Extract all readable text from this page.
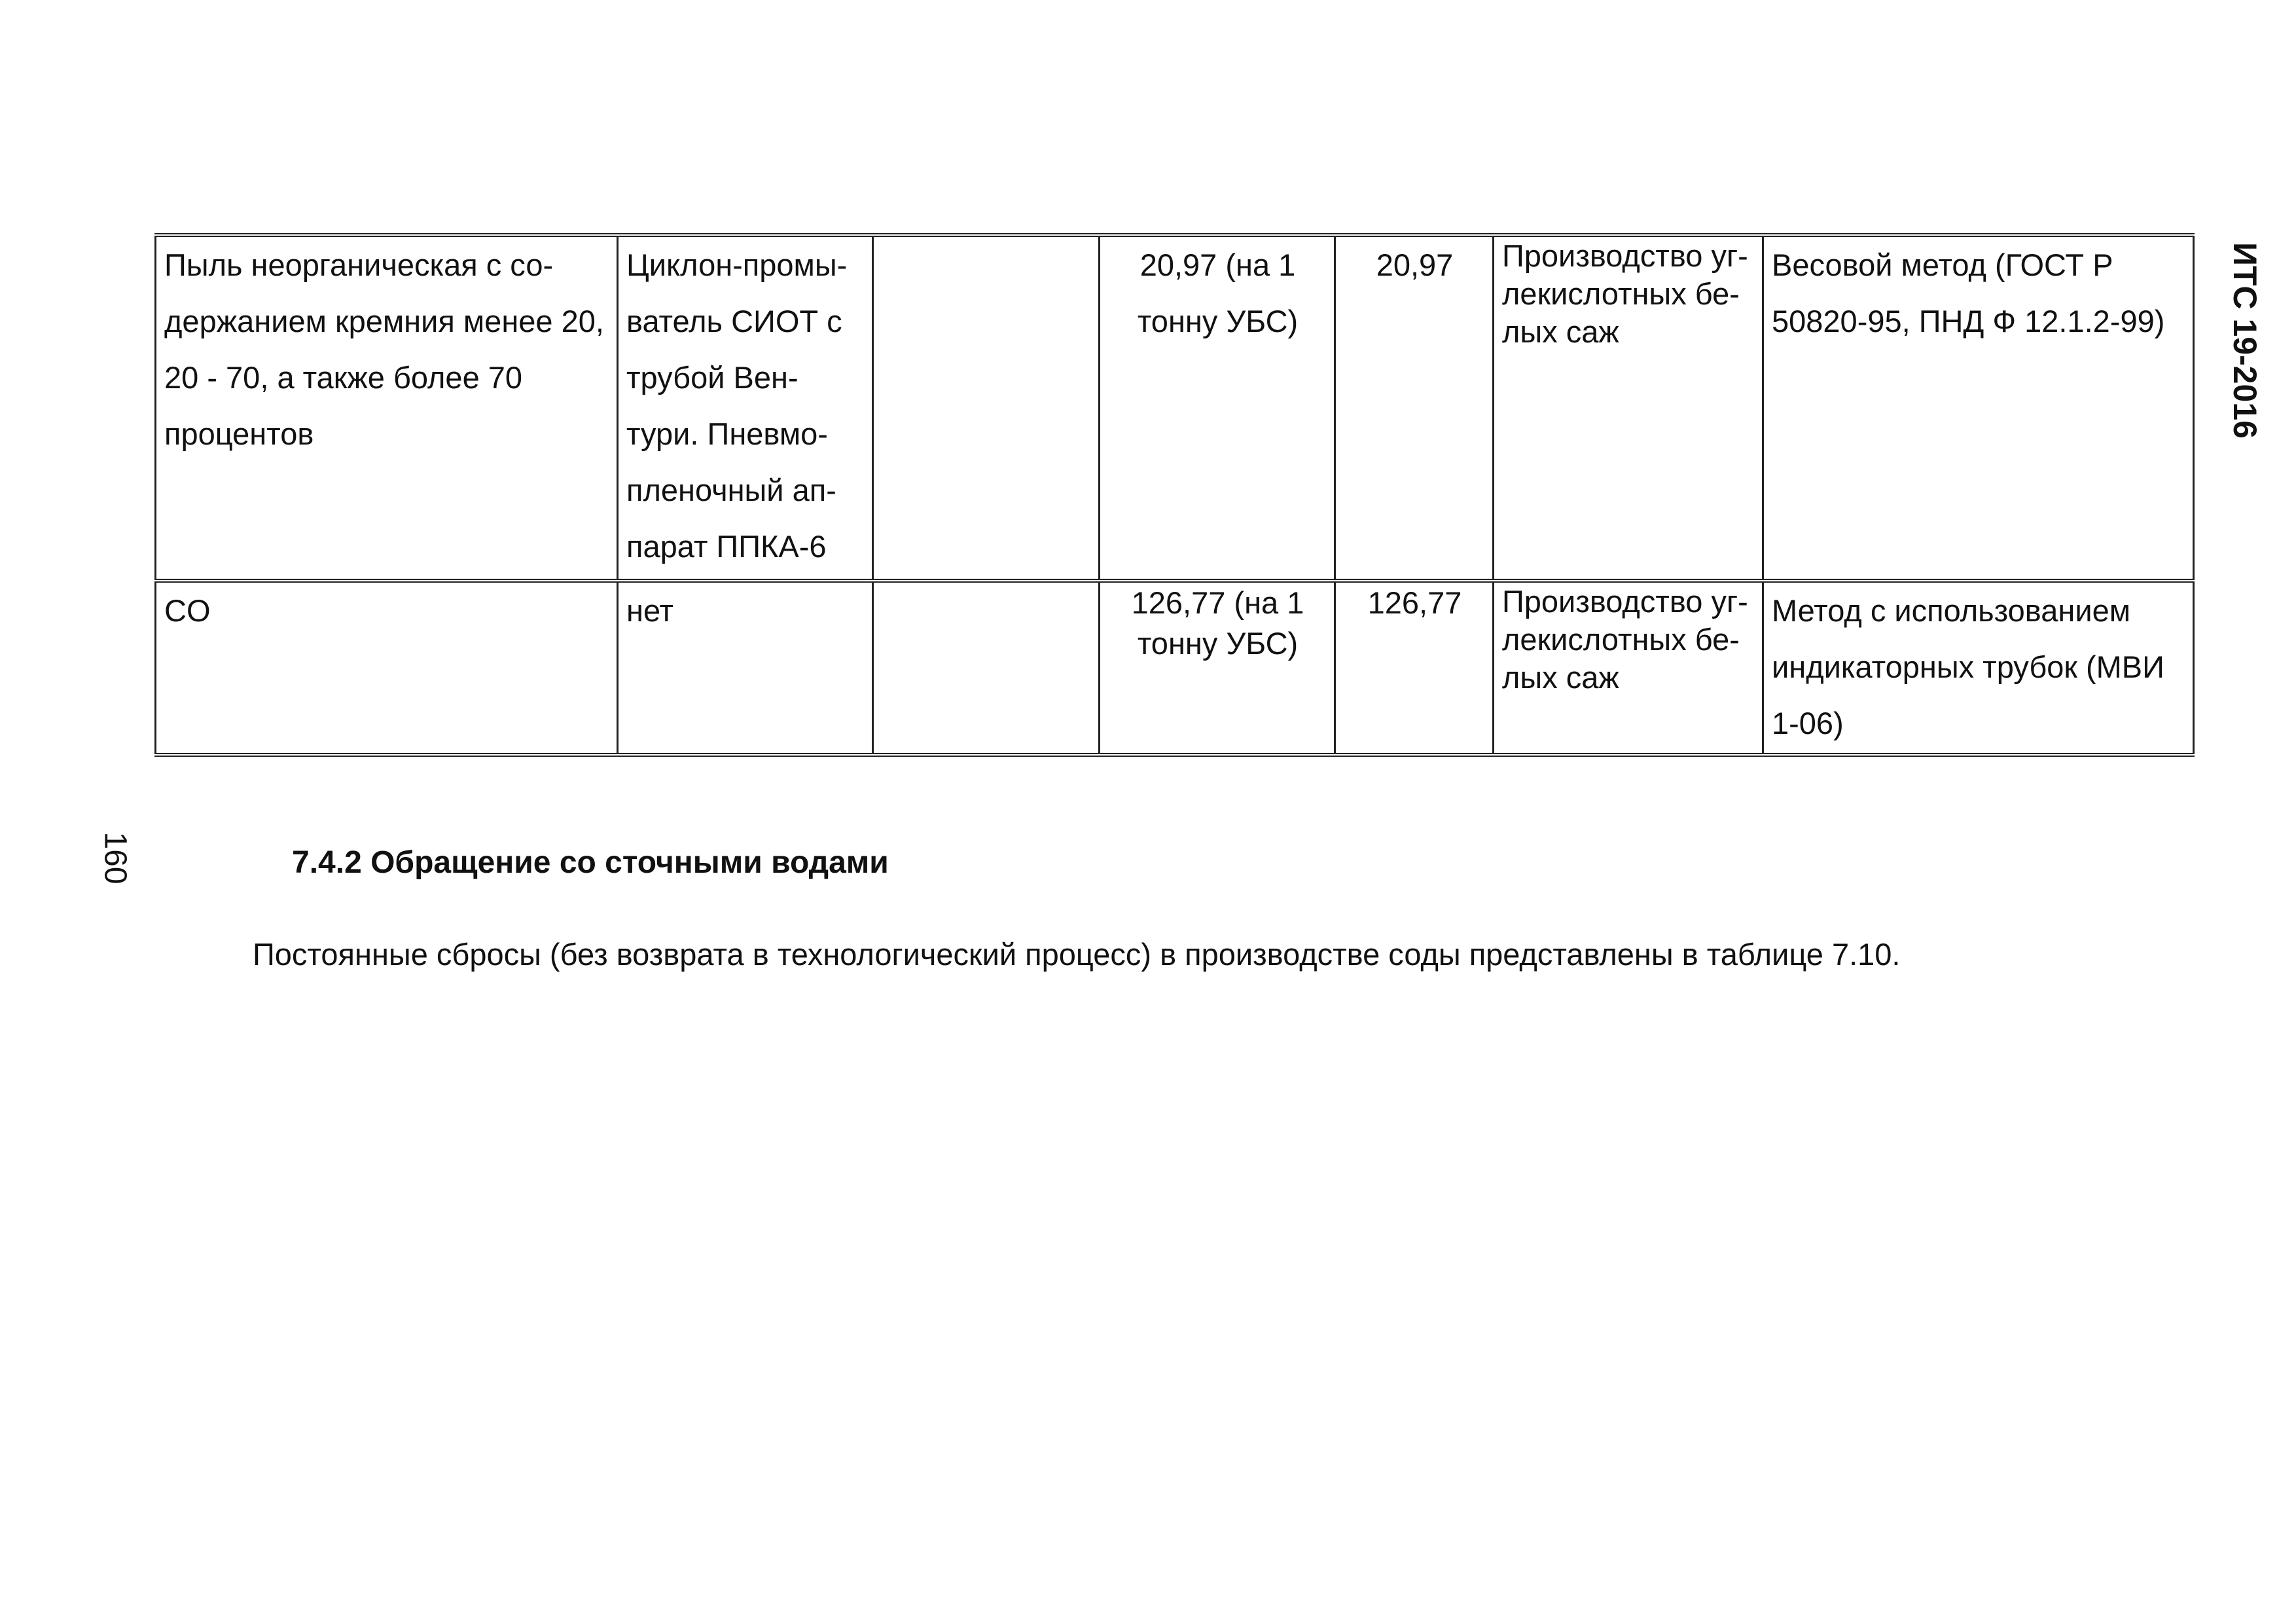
ИТС 19-2016
Пыль неорганическая с со-держанием кремния менее 20, 20 - 70, а также более 70 процентов	Циклон-промы-ватель СИОТ с трубой Вен-тури. Пневмо-пленочный ап-парат ППКА-6		20,97 (на 1 тонну УБС)	20,97	Производство уг-лекислотных бе-лых саж	Весовой метод (ГОСТ Р 50820-95, ПНД Ф 12.1.2-99)
CO	нет		126,77 (на 1 тонну УБС)	126,77	Производство уг-лекислотных бе-лых саж	Метод с использованием индикаторных трубок (МВИ 1-06)
160	7.4.2 Обращение со сточными водами

Постоянные сбросы (без возврата в технологический процесс) в производстве соды представлены в таблице 7.10.
